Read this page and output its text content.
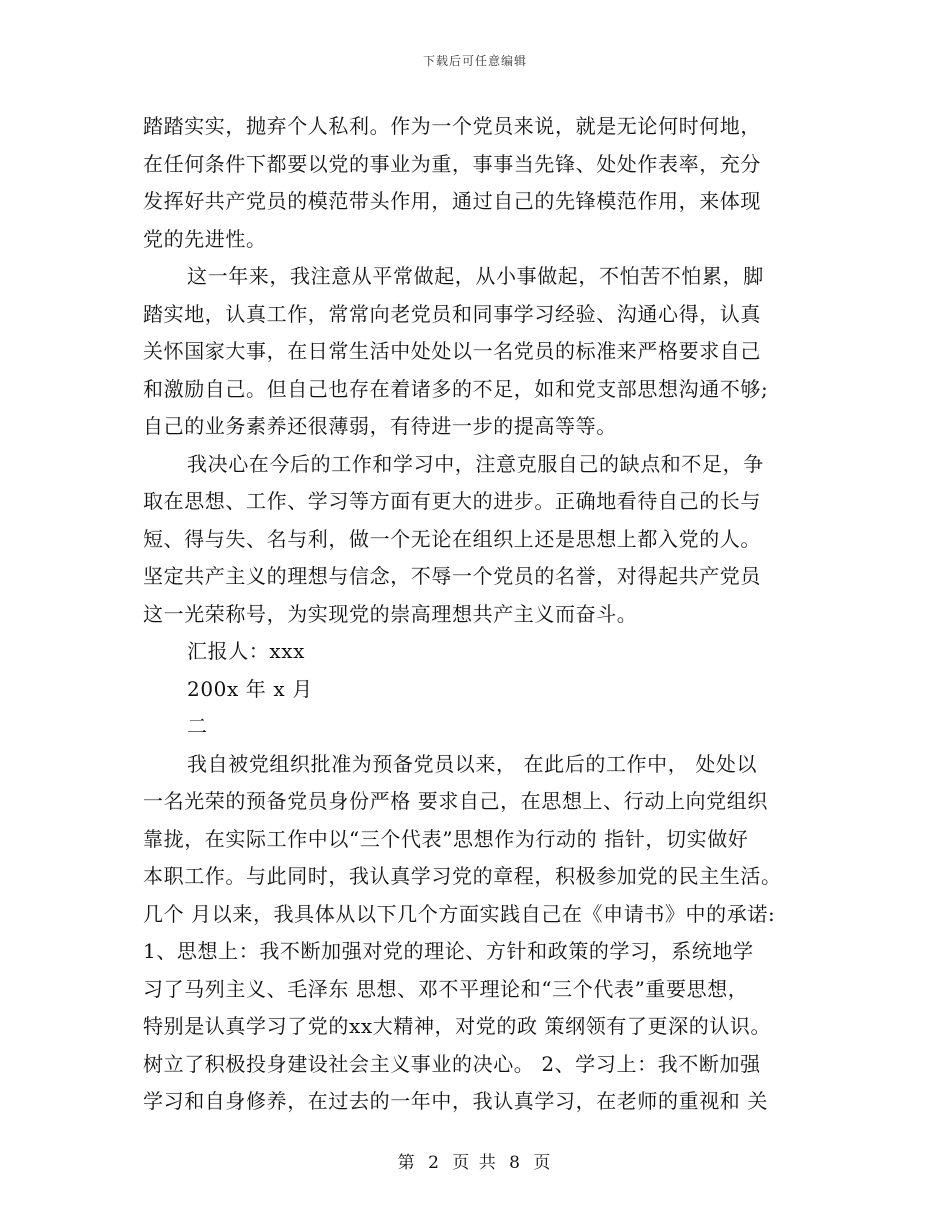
下载后可任意编辑
踏踏实实，抛弃个人私利。作为一个党员来说，就是无论何时何地，
在任何条件下都要以党的事业为重，事事当先锋、处处作表率，充分
发挥好共产党员的模范带头作用，通过自己的先锋模范作用，来体现
党的先进性。
这一年来，我注意从平常做起，从小事做起，不怕苦不怕累，脚
踏实地，认真工作，常常向老党员和同事学习经验、沟通心得，认真
关怀国家大事，在日常生活中处处以一名党员的标准来严格要求自己
和激励自己。但自己也存在着诸多的不足，如和党支部思想沟通不够;
自己的业务素养还很薄弱，有待进一步的提高等等。
我决心在今后的工作和学习中，注意克服自己的缺点和不足，争
取在思想、工作、学习等方面有更大的进步。正确地看待自己的长与
短、得与失、名与利，做一个无论在组织上还是思想上都入党的人。
坚定共产主义的理想与信念，不辱一个党员的名誉，对得起共产党员
这一光荣称号，为实现党的崇高理想共产主义而奋斗。
汇报人：xxx
200x 年 x 月
二
我自被党组织批准为预备党员以来， 在此后的工作中， 处处以
一名光荣的预备党员身份严格 要求自己，在思想上、行动上向党组织
靠拢，在实际工作中以“三个代表”思想作为行动的 指针，切实做好
本职工作。与此同时，我认真学习党的章程，积极参加党的民主生活。
几个 月以来，我具体从以下几个方面实践自己在《申请书》中的承诺:
1、思想上：我不断加强对党的理论、方针和政策的学习，系统地学
习了马列主义、毛泽东 思想、邓不平理论和“三个代表”重要思想，
特别是认真学习了党的xx大精神，对党的政 策纲领有了更深的认识。
树立了积极投身建设社会主义事业的决心。 2、学习上：我不断加强
学习和自身修养，在过去的一年中，我认真学习，在老师的重视和 关
第 2 页 共 8 页
